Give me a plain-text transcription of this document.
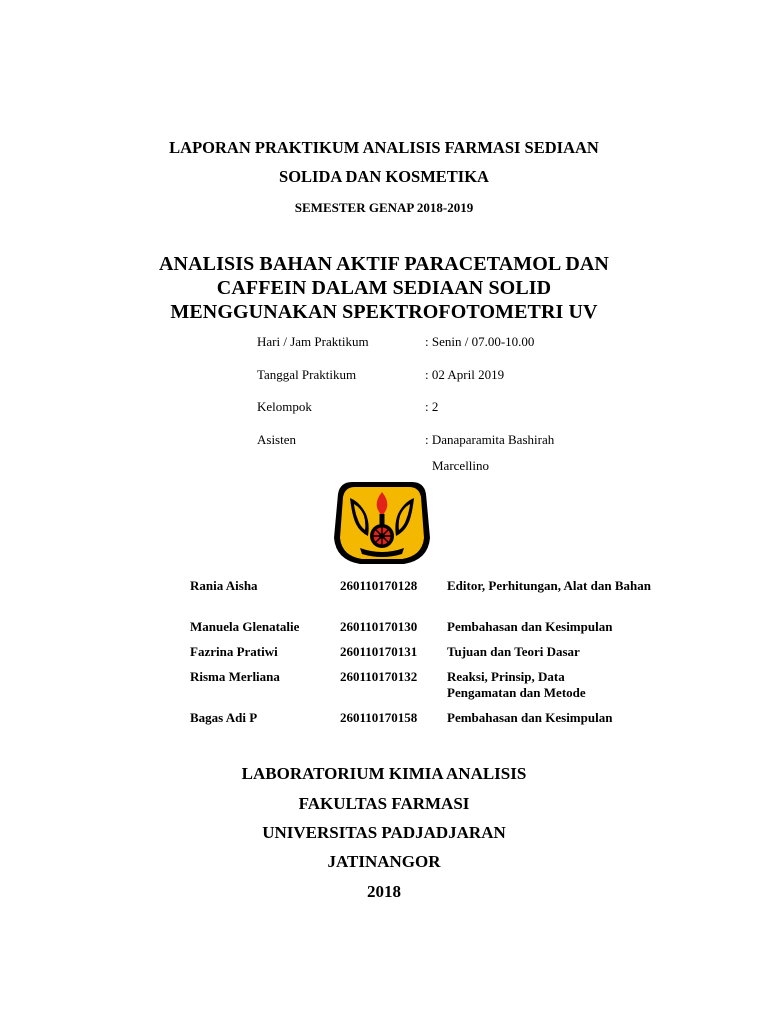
LAPORAN PRAKTIKUM ANALISIS FARMASI SEDIAAN
SOLIDA DAN KOSMETIKA
SEMESTER GENAP 2018-2019
ANALISIS BAHAN AKTIF PARACETAMOL DAN
CAFFEIN DALAM SEDIAAN SOLID
MENGGUNAKAN SPEKTROFOTOMETRI UV
Hari / Jam Praktikum	: Senin / 07.00-10.00
Tanggal Praktikum	: 02 April 2019
Kelompok	: 2
Asisten	: Danaparamita Bashirah
Marcellino
Rania Aisha	260110170128 Editor, Perhitungan, Alat dan Bahan
Manuela Glenatalie	260110170130 Pembahasan dan Kesimpulan
Fazrina Pratiwi	260110170131 Tujuan dan Teori Dasar
Risma Merliana	260110170132 Reaksi, Prinsip, Data Pengamatan dan Metode
Bagas Adi P	260110170158 Pembahasan dan Kesimpulan
LABORATORIUM KIMIA ANALISIS
FAKULTAS FARMASI
UNIVERSITAS PADJADJARAN
JATINANGOR
2018
